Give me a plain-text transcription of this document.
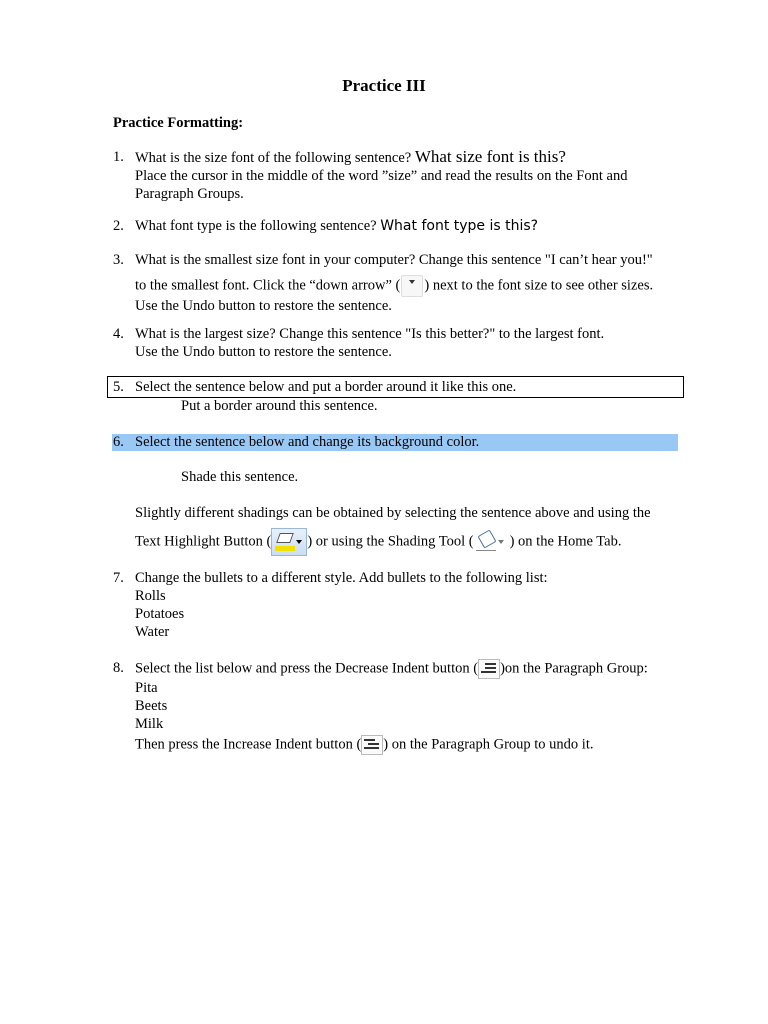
Practice III
Practice Formatting:
1. What is the size font of the following sentence? What size font is this?
Place the cursor in the middle of the word ”size” and read the results on the Font and
Paragraph Groups.
2. What font type is the following sentence? What font type is this?
3. What is the smallest size font in your computer? Change this sentence "I can’t hear you!"
to the smallest font. Click the “down arrow” ( ) next to the font size to see other sizes.
Use the Undo button to restore the sentence.
4. What is the largest size? Change this sentence "Is this better?" to the largest font.
Use the Undo button to restore the sentence.
5. Select the sentence below and put a border around it like this one.
Put a border around this sentence.
6. Select the sentence below and change its background color.
Shade this sentence.
Slightly different shadings can be obtained by selecting the sentence above and using the
Text Highlight Button ( ) or using the Shading Tool ( ) on the Home Tab.
7. Change the bullets to a different style. Add bullets to the following list:
Rolls
Potatoes
Water
8. Select the list below and press the Decrease Indent button ( )on the Paragraph Group:
Pita
Beets
Milk
Then press the Increase Indent button ( ) on the Paragraph Group to undo it.
